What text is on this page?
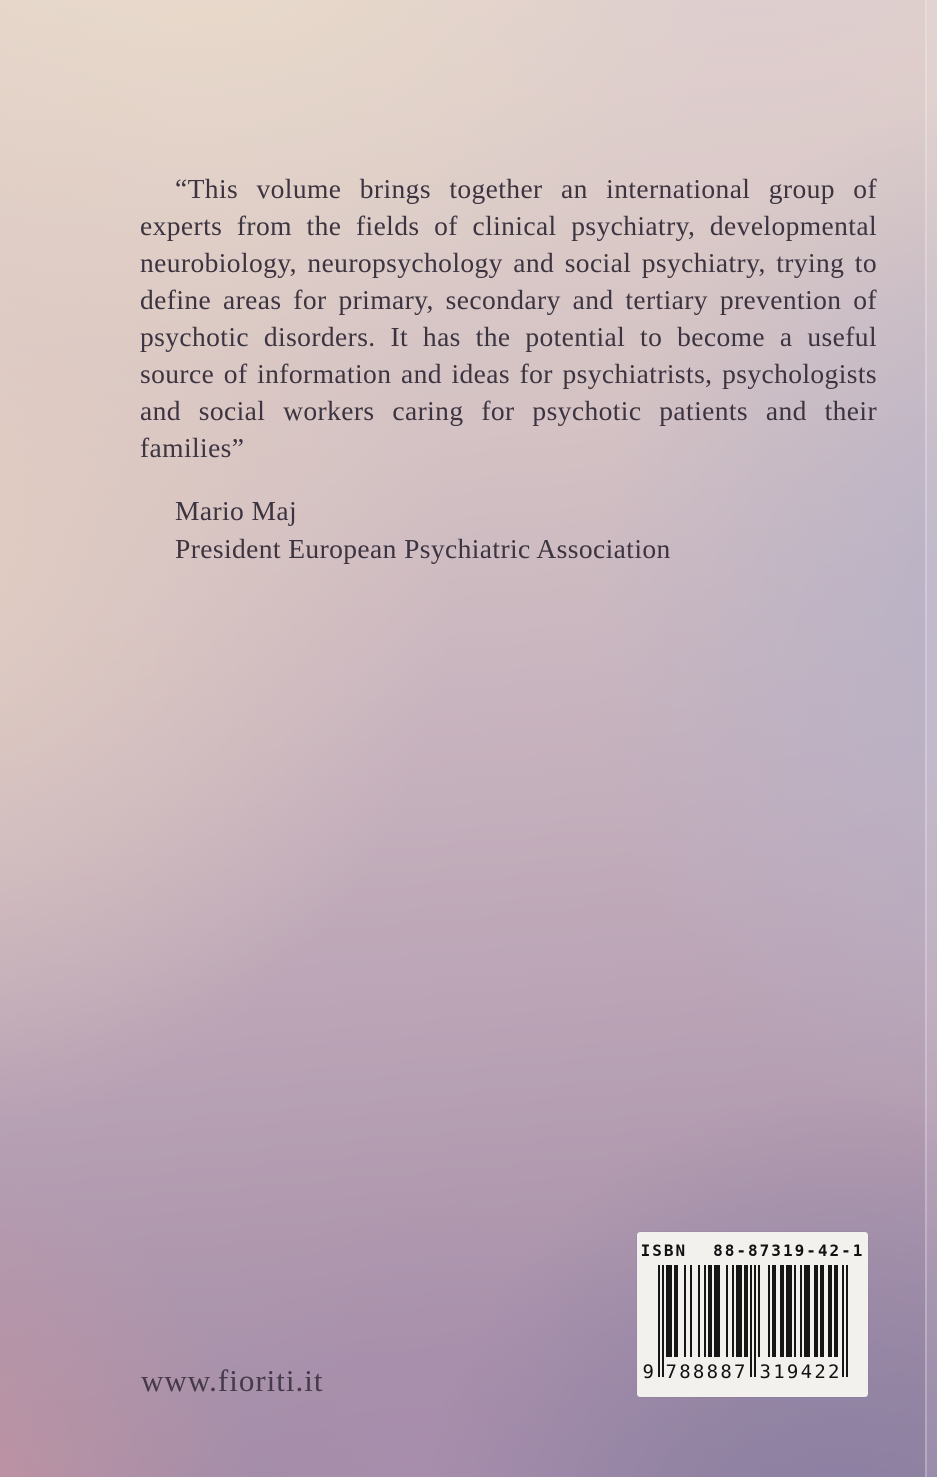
“This volume brings together an international group of experts from the fields of clinical psychiatry, developmental neurobiology, neuropsychology and social psychiatry, trying to define areas for primary, secondary and tertiary prevention of psychotic disorders. It has the potential to become a useful source of information and ideas for psychiatrists, psychologists and social workers caring for psychotic patients and their families”
Mario Maj
President European Psychiatric Association
ISBN 88-87319-42-1
9 7 8 8 8 8 7 3 1 9 4 2 2
www.fioriti.it
